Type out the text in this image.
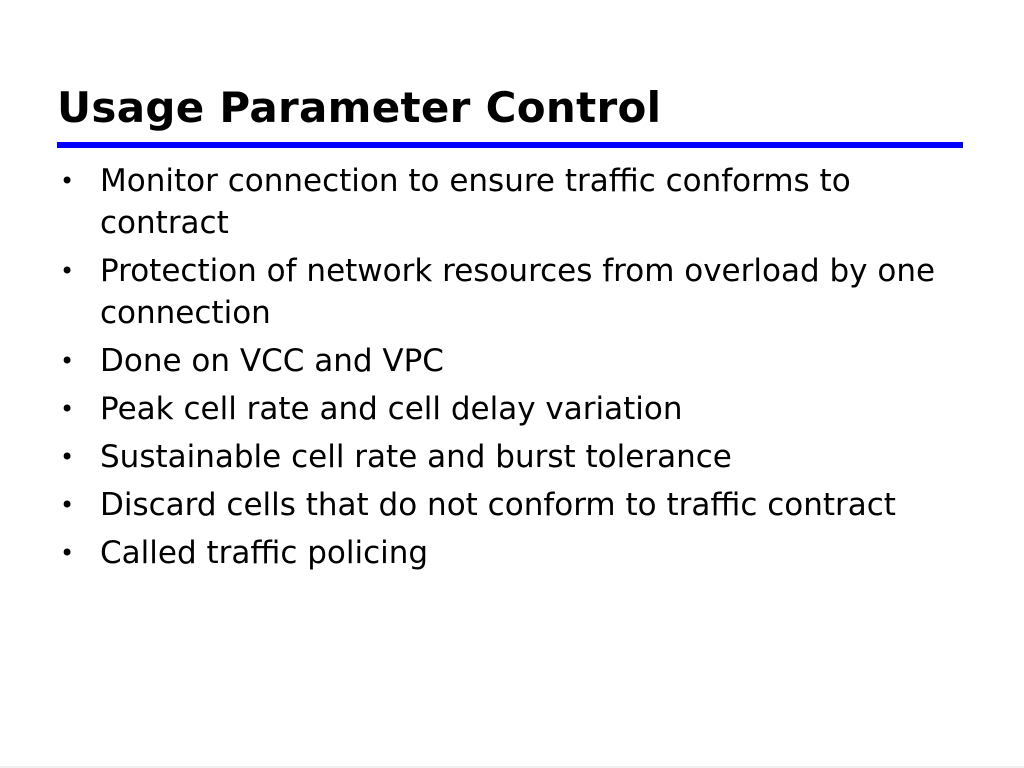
Usage Parameter Control
• Monitor connection to ensure traffic conforms to contract
• Protection of network resources from overload by one connection
• Done on VCC and VPC
• Peak cell rate and cell delay variation
• Sustainable cell rate and burst tolerance
• Discard cells that do not conform to traffic contract
• Called traffic policing
